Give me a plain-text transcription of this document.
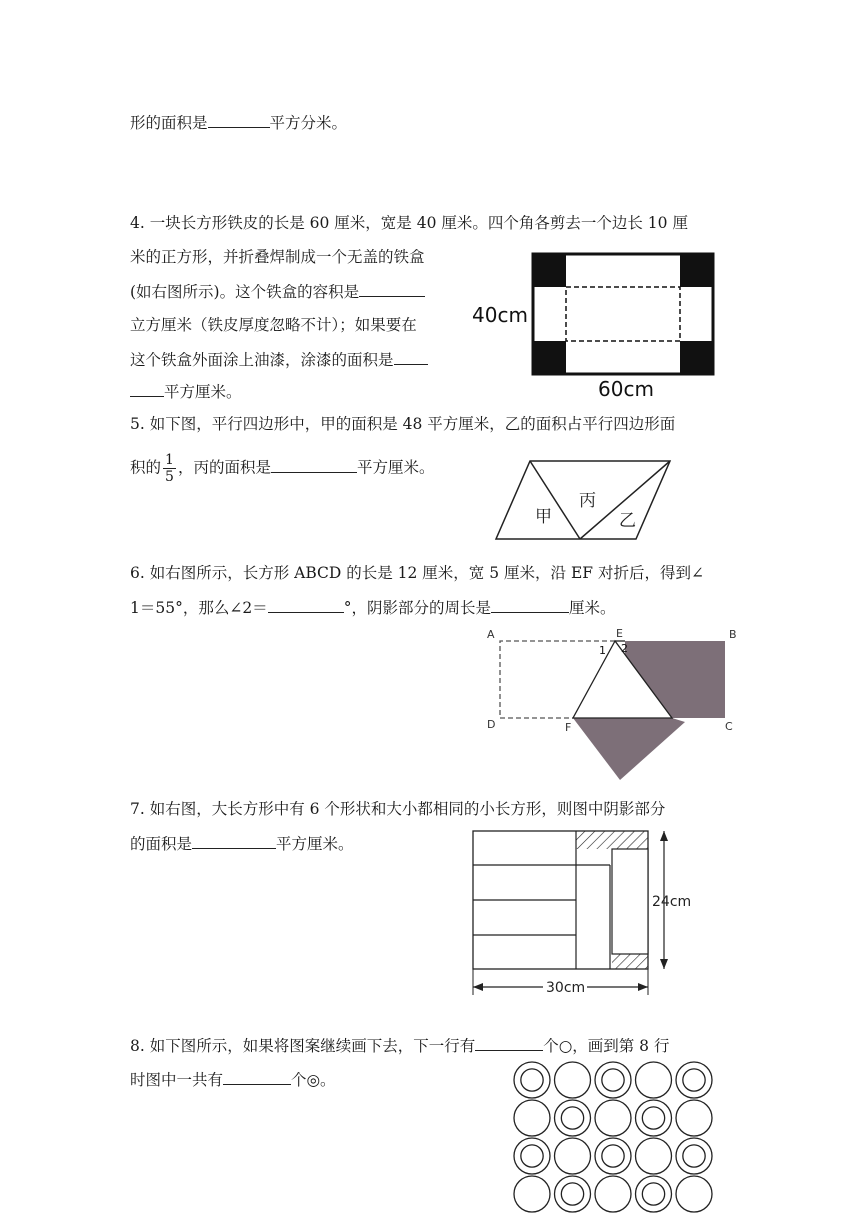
形的面积是	平方分米。
4. 一块长方形铁皮的长是 60 厘米，宽是 40 厘米。四个角各剪去一个边长 10 厘
米的正方形，并折叠焊制成一个无盖的铁盒
(如右图所示)。这个铁盒的容积是
立方厘米（铁皮厚度忽略不计）；如果要在
这个铁盒外面涂上油漆，涂漆的面积是
平方厘米。
40cm
60cm
5. 如下图，平行四边形中，甲的面积是 48 平方厘米，乙的面积占平行四边形面
积的 $\frac{1}{5}$ ，丙的面积是	平方厘米。
甲
丙
乙
6. 如右图所示，长方形 ABCD 的长是 12 厘米，宽 5 厘米，沿 EF 对折后，得到∠
1＝55°，那么∠2＝	°，阴影部分的周长是	厘米。
A	E	B
D	F	C
1 2
7. 如右图，大长方形中有 6 个形状和大小都相同的小长方形，则图中阴影部分
的面积是	平方厘米。
24cm
30cm
8. 如下图所示，如果将图案继续画下去，下一行有	个○，画到第 8 行
时图中一共有	个◎。
